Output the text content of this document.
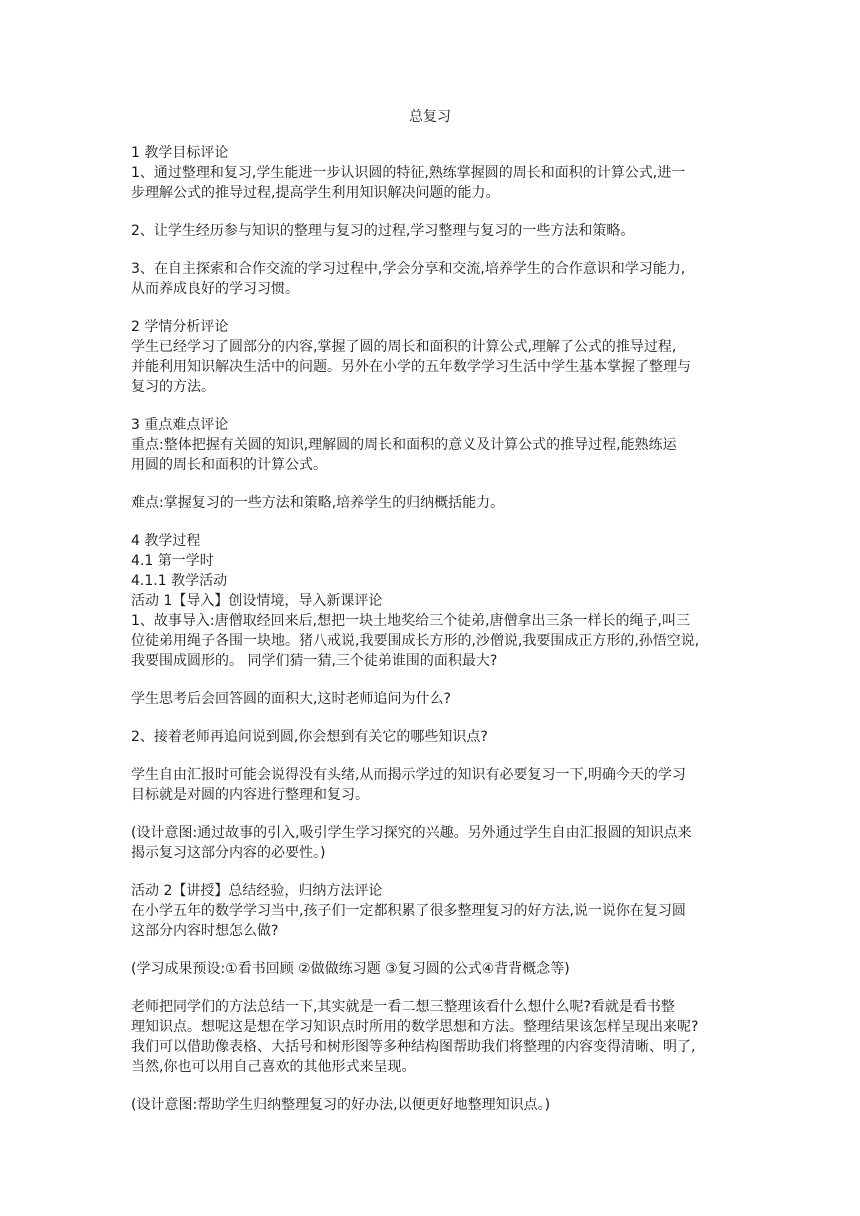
总复习
1 教学目标评论
1、通过整理和复习,学生能进一步认识圆的特征,熟练掌握圆的周长和面积的计算公式,进一
步理解公式的推导过程,提高学生利用知识解决问题的能力。
2、让学生经历参与知识的整理与复习的过程,学习整理与复习的一些方法和策略。
3、在自主探索和合作交流的学习过程中,学会分享和交流,培养学生的合作意识和学习能力,
从而养成良好的学习习惯。
2 学情分析评论
学生已经学习了圆部分的内容,掌握了圆的周长和面积的计算公式,理解了公式的推导过程,
并能利用知识解决生活中的问题。另外在小学的五年数学学习生活中学生基本掌握了整理与
复习的方法。
3 重点难点评论
重点:整体把握有关圆的知识,理解圆的周长和面积的意义及计算公式的推导过程,能熟练运
用圆的周长和面积的计算公式。
难点:掌握复习的一些方法和策略,培养学生的归纳概括能力。
4 教学过程
4.1 第一学时
4.1.1 教学活动
活动 1【导入】创设情境，导入新课评论
1、故事导入:唐僧取经回来后,想把一块土地奖给三个徒弟,唐僧拿出三条一样长的绳子,叫三
位徒弟用绳子各围一块地。猪八戒说,我要围成长方形的,沙僧说,我要围成正方形的,孙悟空说,
我要围成圆形的。 同学们猜一猜,三个徒弟谁围的面积最大?
学生思考后会回答圆的面积大,这时老师追问为什么?
2、接着老师再追问说到圆,你会想到有关它的哪些知识点?
学生自由汇报时可能会说得没有头绪,从而揭示学过的知识有必要复习一下,明确今天的学习
目标就是对圆的内容进行整理和复习。
(设计意图:通过故事的引入,吸引学生学习探究的兴趣。另外通过学生自由汇报圆的知识点来
揭示复习这部分内容的必要性。)
活动 2【讲授】总结经验，归纳方法评论
在小学五年的数学学习当中,孩子们一定都积累了很多整理复习的好方法,说一说你在复习圆
这部分内容时想怎么做?
(学习成果预设:①看书回顾 ②做做练习题 ③复习圆的公式④背背概念等)
老师把同学们的方法总结一下,其实就是一看二想三整理该看什么想什么呢?看就是看书整
理知识点。想呢这是想在学习知识点时所用的数学思想和方法。整理结果该怎样呈现出来呢?
我们可以借助像表格、大括号和树形图等多种结构图帮助我们将整理的内容变得清晰、明了,
当然,你也可以用自己喜欢的其他形式来呈现。
(设计意图:帮助学生归纳整理复习的好办法,以便更好地整理知识点。)
